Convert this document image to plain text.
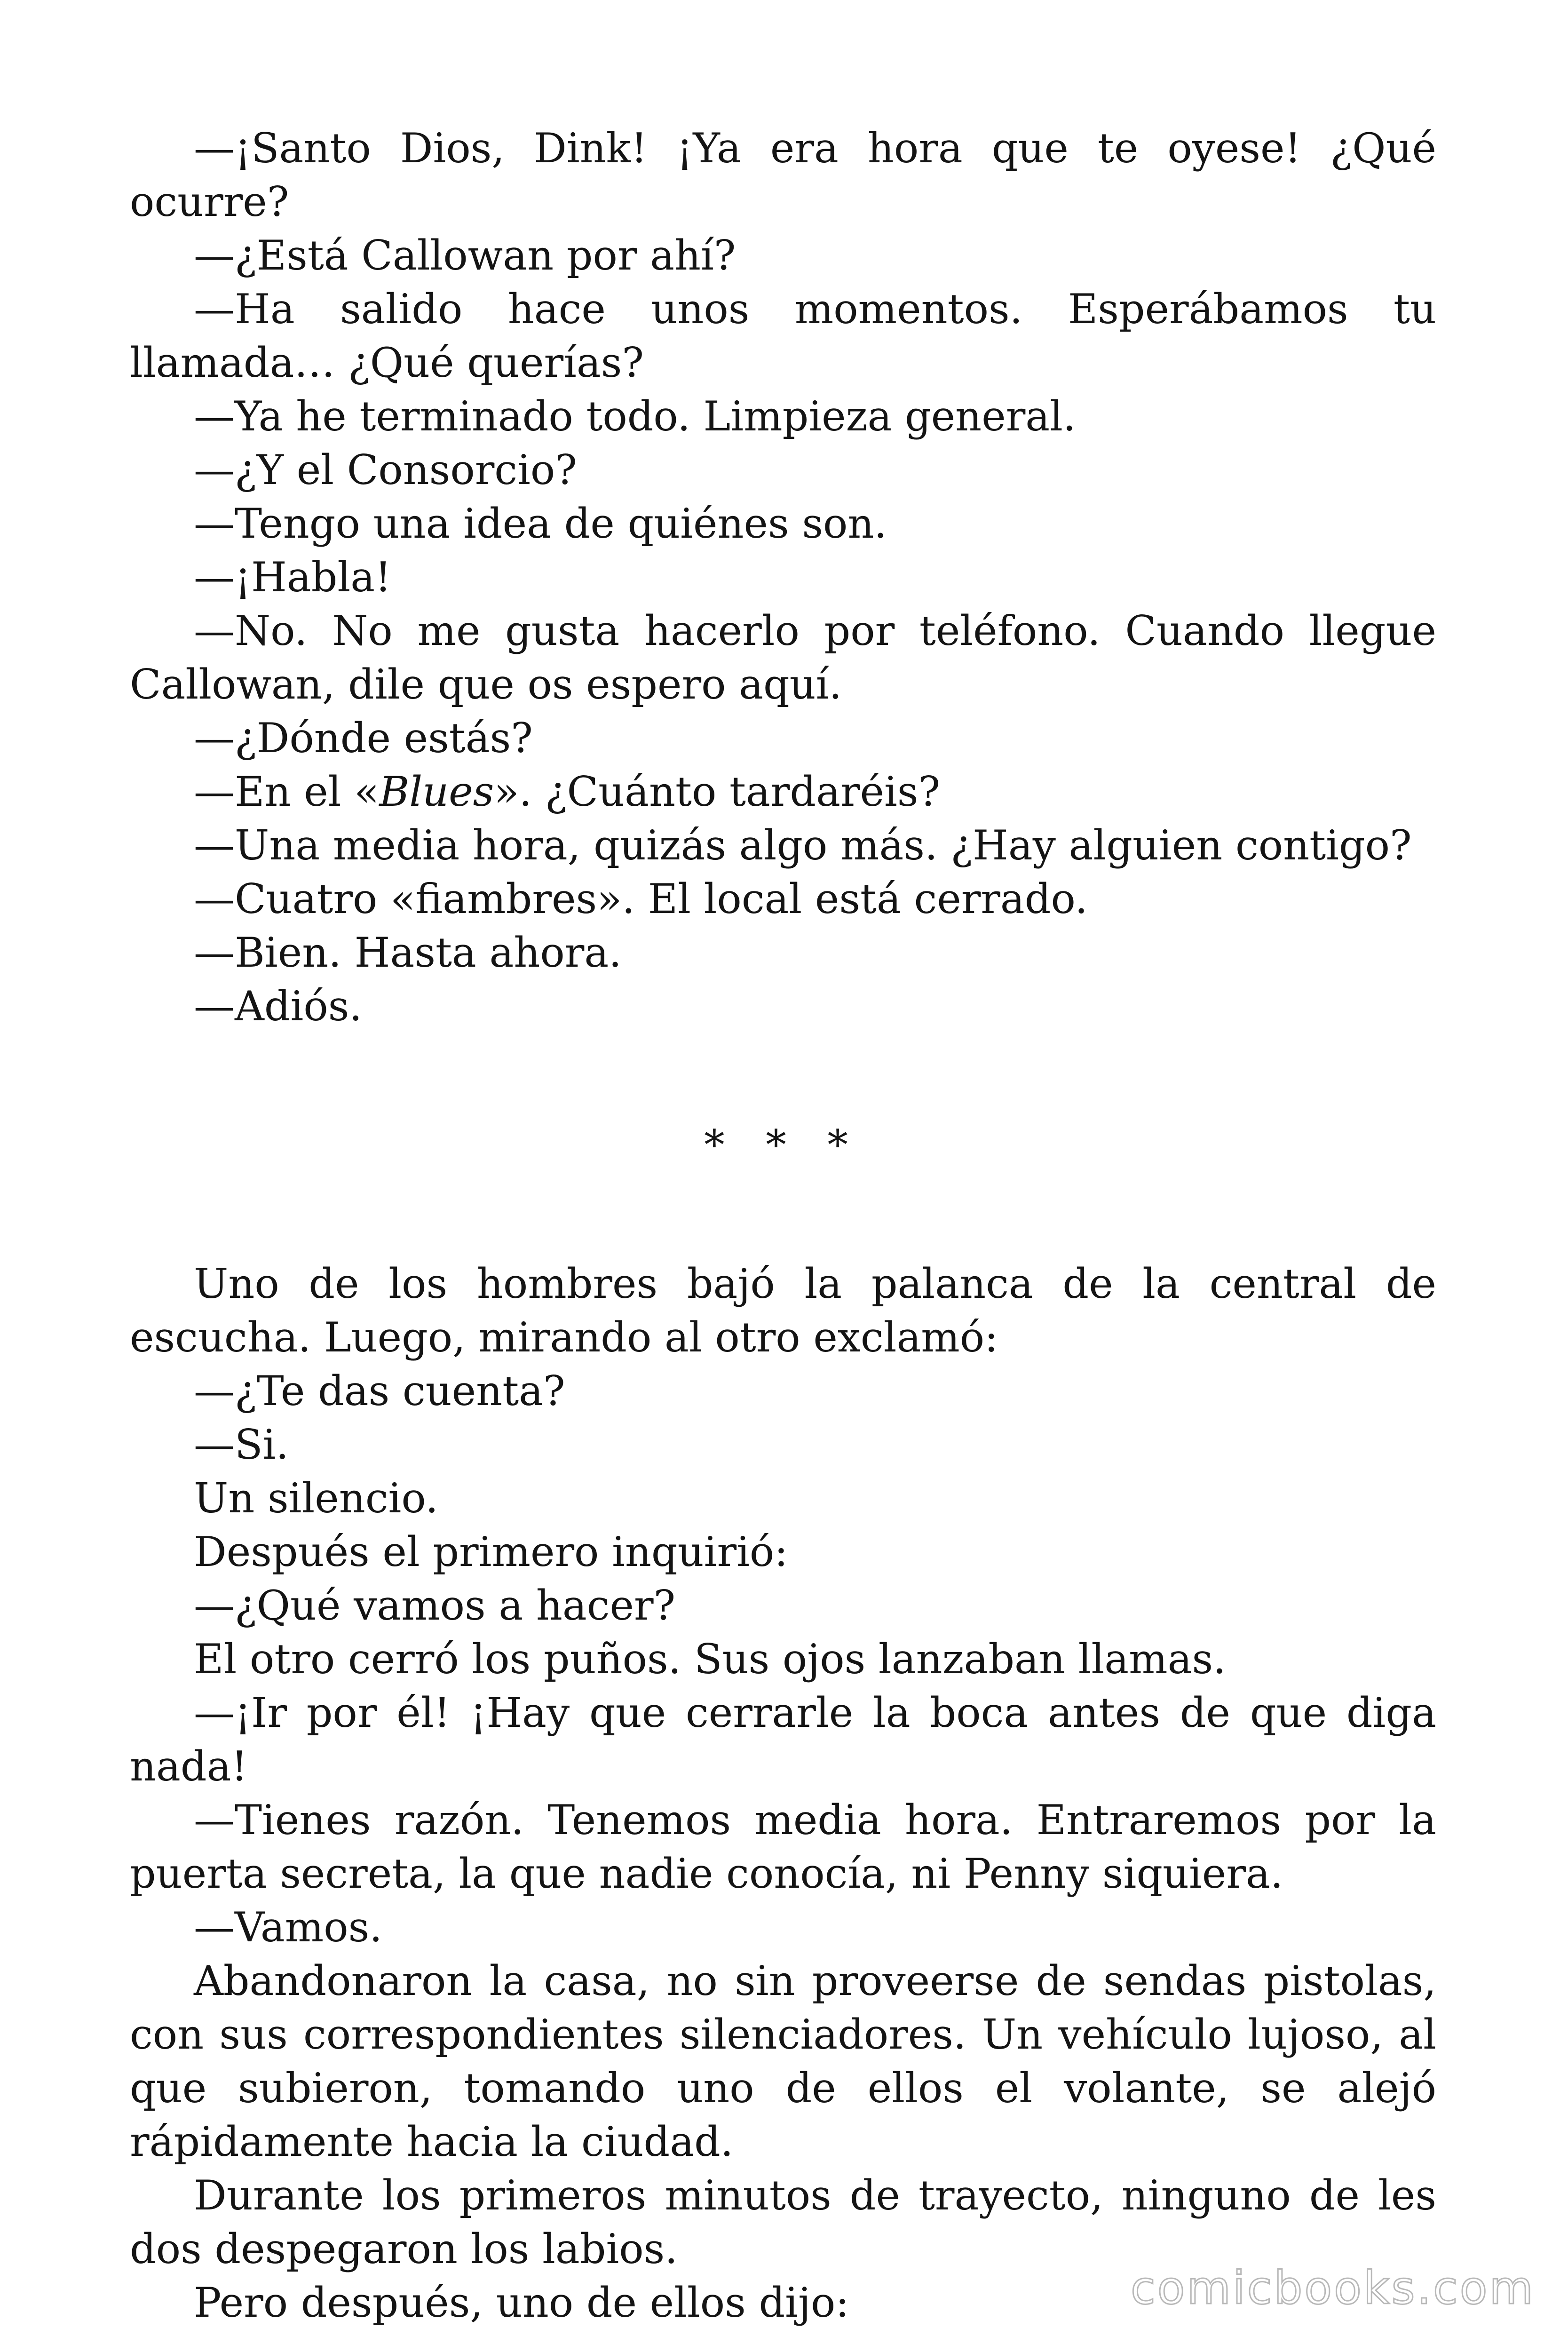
—¡Santo Dios, Dink! ¡Ya era hora que te oyese! ¿Qué ocurre?

—¿Está Callowan por ahí?

—Ha salido hace unos momentos. Esperábamos tu llamada… ¿Qué querías?

—Ya he terminado todo. Limpieza general.

—¿Y el Consorcio?

—Tengo una idea de quiénes son.

—¡Habla!

—No. No me gusta hacerlo por teléfono. Cuando llegue Callowan, dile que os espero aquí.

—¿Dónde estás?

—En el «Blues». ¿Cuánto tardaréis?

—Una media hora, quizás algo más. ¿Hay alguien contigo?

—Cuatro «fiambres». El local está cerrado.

—Bien. Hasta ahora.

—Adiós.

* * *

Uno de los hombres bajó la palanca de la central de escucha. Luego, mirando al otro exclamó:

—¿Te das cuenta?

—Si.

Un silencio.

Después el primero inquirió:

—¿Qué vamos a hacer?

El otro cerró los puños. Sus ojos lanzaban llamas.

—¡Ir por él! ¡Hay que cerrarle la boca antes de que diga nada!

—Tienes razón. Tenemos media hora. Entraremos por la puerta secreta, la que nadie conocía, ni Penny siquiera.

—Vamos.

Abandonaron la casa, no sin proveerse de sendas pistolas, con sus correspondientes silenciadores. Un vehículo lujoso, al que subieron, tomando uno de ellos el volante, se alejó rápidamente hacia la ciudad.

Durante los primeros minutos de trayecto, ninguno de les dos despegaron los labios.

Pero después, uno de ellos dijo:	comicbooks.com
